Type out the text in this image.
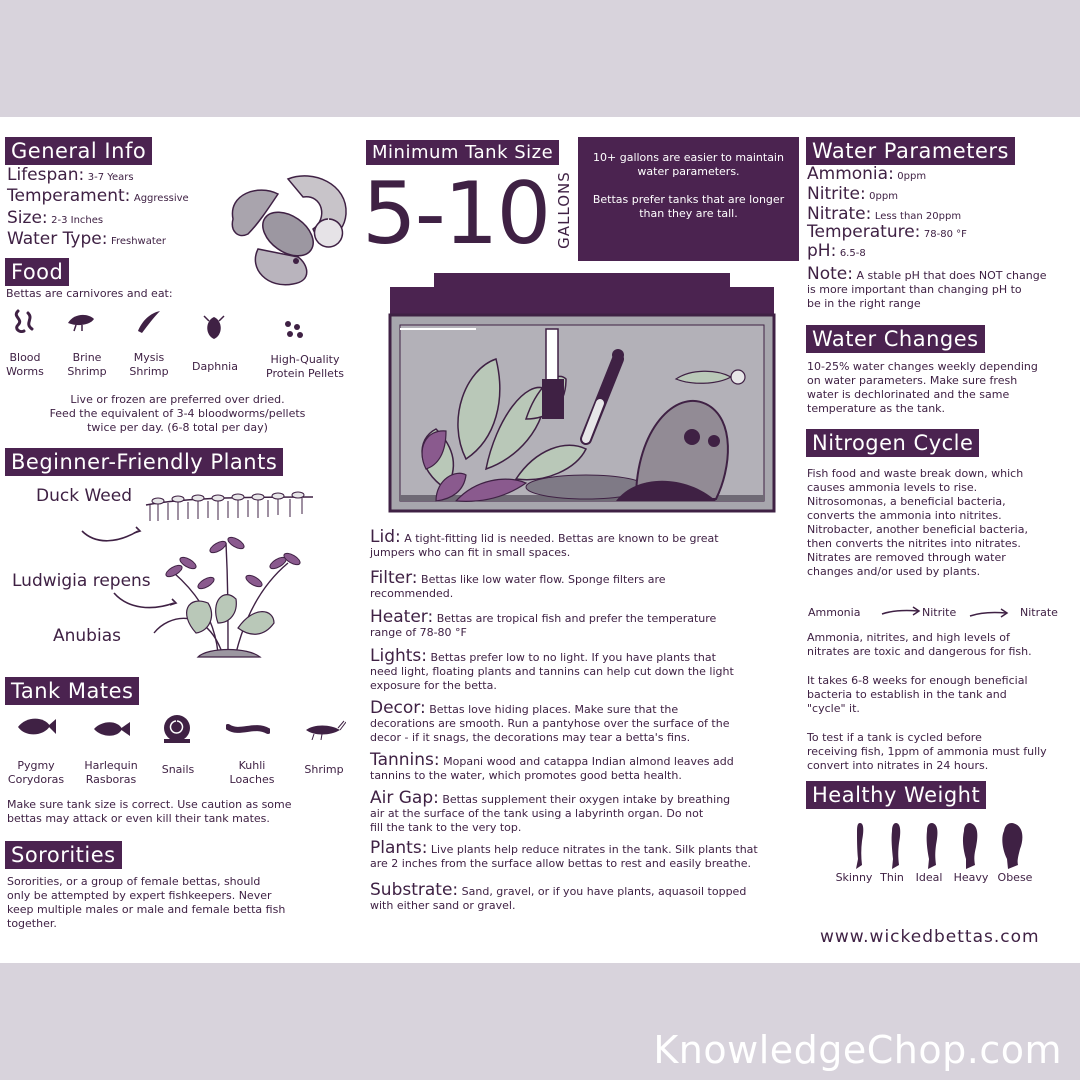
General Info
Lifespan: 3-7 Years
Temperament: Aggressive
Size: 2-3 Inches
Water Type: Freshwater
Food
Bettas are carnivores and eat:
Blood
Worms
Brine
Shrimp
Mysis
Shrimp	Daphnia
High-Quality
Protein Pellets
Live or frozen are preferred over dried.
Feed the equivalent of 3-4 bloodworms/pellets
twice per day. (6-8 total per day)
Beginner-Friendly Plants
Duck Weed
Ludwigia repens
Anubias
Tank Mates
Pygmy
Corydoras
Harlequin
Rasboras
Snails	Kuhli
Loaches
Shrimp
Make sure tank size is correct. Use caution as some
bettas may attack or even kill their tank mates.
Sororities
Sororities, or a group of female bettas, should
only be attempted by expert fishkeepers. Never
keep multiple males or male and female betta fish
together.
Minimum Tank Size
5-10 GALLONS
10+ gallons are easier to maintain
water parameters.

Bettas prefer tanks that are longer
than they are tall.
Lid: A tight-fitting lid is needed. Bettas are known to be great
jumpers who can fit in small spaces.
Filter: Bettas like low water flow. Sponge filters are
recommended.
Heater: Bettas are tropical fish and prefer the temperature
range of 78-80 °F
Lights: Bettas prefer low to no light. If you have plants that
need light, floating plants and tannins can help cut down the light
exposure for the betta.
Decor: Bettas love hiding places. Make sure that the
decorations are smooth. Run a pantyhose over the surface of the
decor - if it snags, the decorations may tear a betta's fins.
Tannins: Mopani wood and catappa Indian almond leaves add
tannins to the water, which promotes good betta health.
Air Gap: Bettas supplement their oxygen intake by breathing
air at the surface of the tank using a labyrinth organ. Do not
fill the tank to the very top.
Plants: Live plants help reduce nitrates in the tank. Silk plants that
are 2 inches from the surface allow bettas to rest and easily breathe.
Substrate: Sand, gravel, or if you have plants, aquasoil topped
with either sand or gravel.
Water Parameters
Ammonia: 0ppm
Nitrite: 0ppm
Nitrate: Less than 20ppm
Temperature: 78-80 °F
pH: 6.5-8
Note: A stable pH that does NOT change
is more important than changing pH to
be in the right range
Water Changes
10-25% water changes weekly depending
on water parameters. Make sure fresh
water is dechlorinated and the same
temperature as the tank.
Nitrogen Cycle
Fish food and waste break down, which
causes ammonia levels to rise.
Nitrosomonas, a beneficial bacteria,
converts the ammonia into nitrites.
Nitrobacter, another beneficial bacteria,
then converts the nitrites into nitrates.
Nitrates are removed through water
changes and/or used by plants.
Ammonia	Nitrite	Nitrate
Ammonia, nitrites, and high levels of
nitrates are toxic and dangerous for fish.
It takes 6-8 weeks for enough beneficial
bacteria to establish in the tank and
"cycle" it.
To test if a tank is cycled before
receiving fish, 1ppm of ammonia must fully
convert into nitrates in 24 hours.
Healthy Weight
Skinny Thin	Ideal	Heavy Obese
www.wickedbettas.com
KnowledgeChop.com
